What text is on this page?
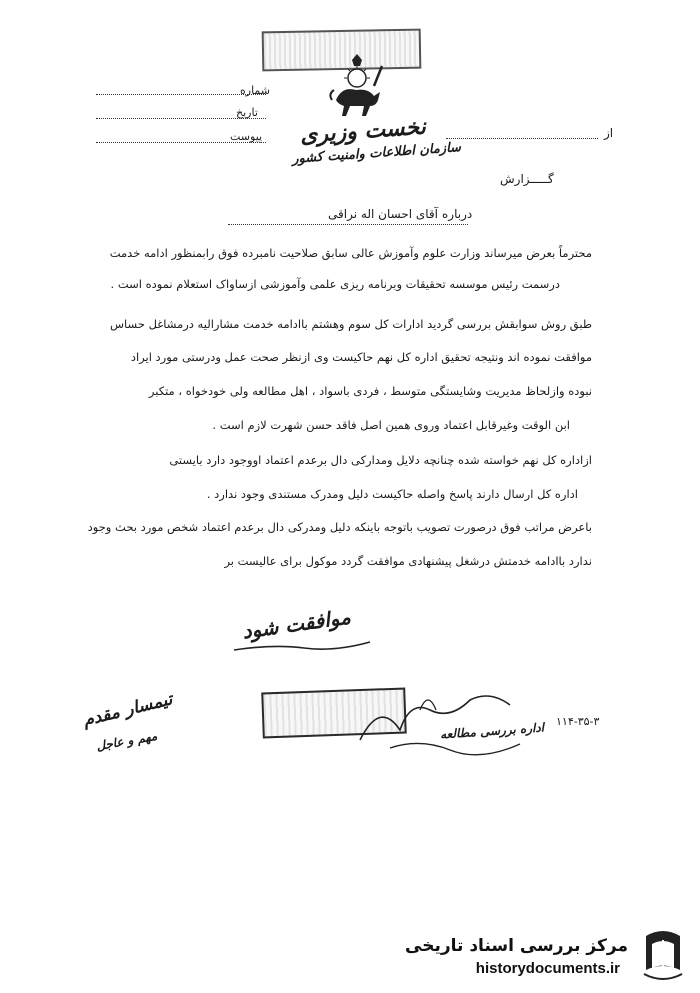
شماره
تاریخ
پیوست نخست وزیری
سازمان اطلاعات وامنیت کشور
از
گـــــزارش
درباره
آقای احسان اله نراقی
محترماً بعرض میرساند وزارت علوم وآموزش عالی سابق صلاحیت نامبرده فوق رابمنظور ادامه خدمت
درسمت رئیس موسسه تحقیقات وبرنامه ریزی علمی وآموزشی ازساواک استعلام نموده است .
طبق روش سوابقش بررسی گردید ادارات کل سوم وهشتم باادامه خدمت مشارالیه درمشاغل حساس
موافقت نموده اند ونتیجه تحقیق اداره کل نهم حاکیست وی ازنظر صحت عمل ودرستی مورد ایراد
نبوده وازلحاظ مدیریت وشایستگی متوسط ، فردی باسواد ، اهل مطالعه ولی خودخواه ، متکبر
ابن الوقت وغیرقابل اعتماد وروی همین اصل فاقد حسن شهرت لازم است .
ازاداره کل نهم خواسته شده چنانچه دلایل ومدارکی دال برعدم اعتماد اووجود دارد بایستی
اداره کل ارسال دارند پاسخ واصله حاکیست دلیل ومدرک مستندی وجود ندارد .
باعرض مراتب فوق درصورت تصویب باتوجه باینکه دلیل ومدرکی دال برعدم اعتماد شخص مورد بحث وجود
ندارد باادامه خدمتش درشغل پیشنهادی موافقت گردد موکول برای عالیست بر
موافقت شود
تیمسار مقدم
مهم و عاجل	اداره بررسی مطالعه ۱۱۴-۳۵-۳
مرکز بررسی اسناد تاریخی
historydocuments.ir
